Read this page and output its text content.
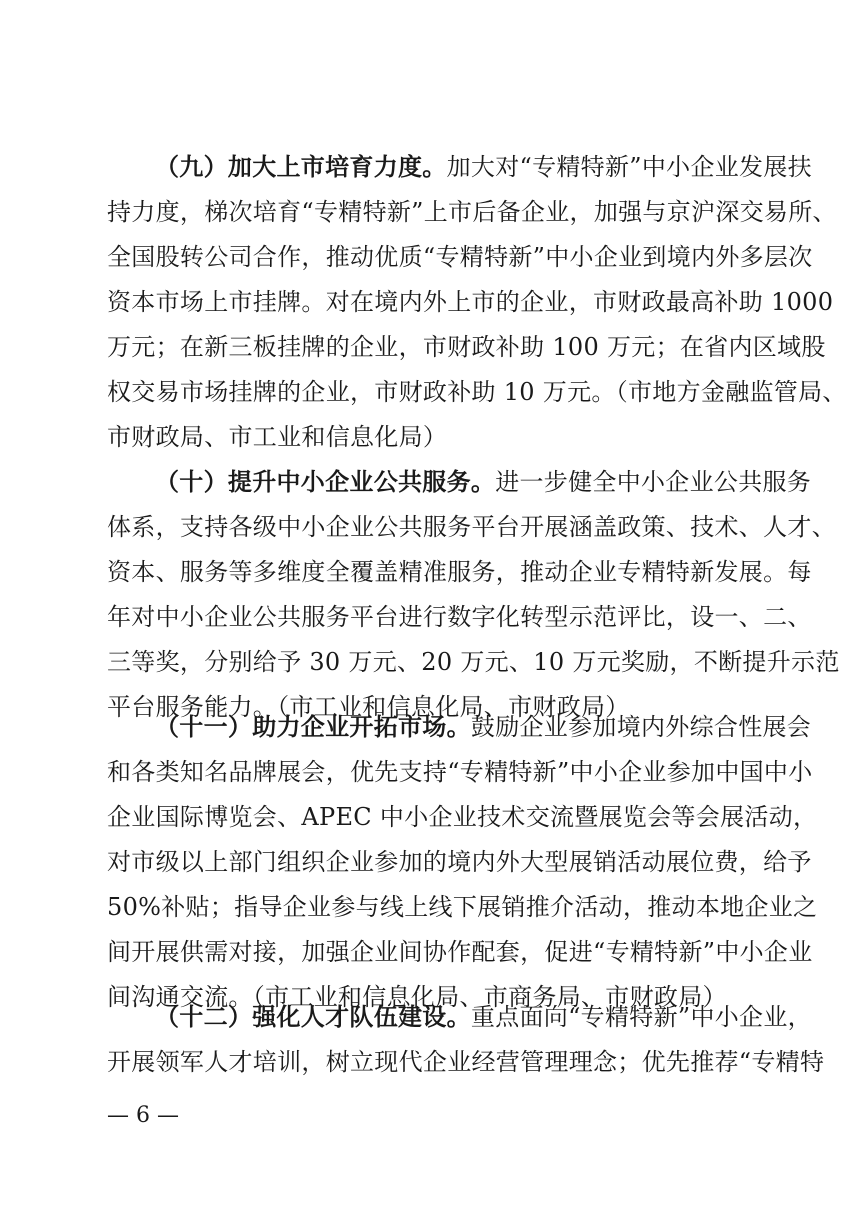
（九）加大上市培育力度。加大对“专精特新”中小企业发展扶
持力度，梯次培育“专精特新”上市后备企业，加强与京沪深交易所、
全国股转公司合作，推动优质“专精特新”中小企业到境内外多层次
资本市场上市挂牌。对在境内外上市的企业，市财政最高补助 1000
万元；在新三板挂牌的企业，市财政补助 100 万元；在省内区域股
权交易市场挂牌的企业，市财政补助 10 万元。（市地方金融监管局、
市财政局、市工业和信息化局）
（十）提升中小企业公共服务。进一步健全中小企业公共服务
体系，支持各级中小企业公共服务平台开展涵盖政策、技术、人才、
资本、服务等多维度全覆盖精准服务，推动企业专精特新发展。每
年对中小企业公共服务平台进行数字化转型示范评比，设一、二、
三等奖，分别给予 30 万元、20 万元、10 万元奖励，不断提升示范
平台服务能力。（市工业和信息化局、市财政局）
（十一）助力企业开拓市场。鼓励企业参加境内外综合性展会
和各类知名品牌展会，优先支持“专精特新”中小企业参加中国中小
企业国际博览会、APEC 中小企业技术交流暨展览会等会展活动，
对市级以上部门组织企业参加的境内外大型展销活动展位费，给予
50%补贴；指导企业参与线上线下展销推介活动，推动本地企业之
间开展供需对接，加强企业间协作配套，促进“专精特新”中小企业
间沟通交流。（市工业和信息化局、市商务局、市财政局）
（十二）强化人才队伍建设。重点面向“专精特新”中小企业，
开展领军人才培训，树立现代企业经营管理理念；优先推荐“专精特
— 6 —
